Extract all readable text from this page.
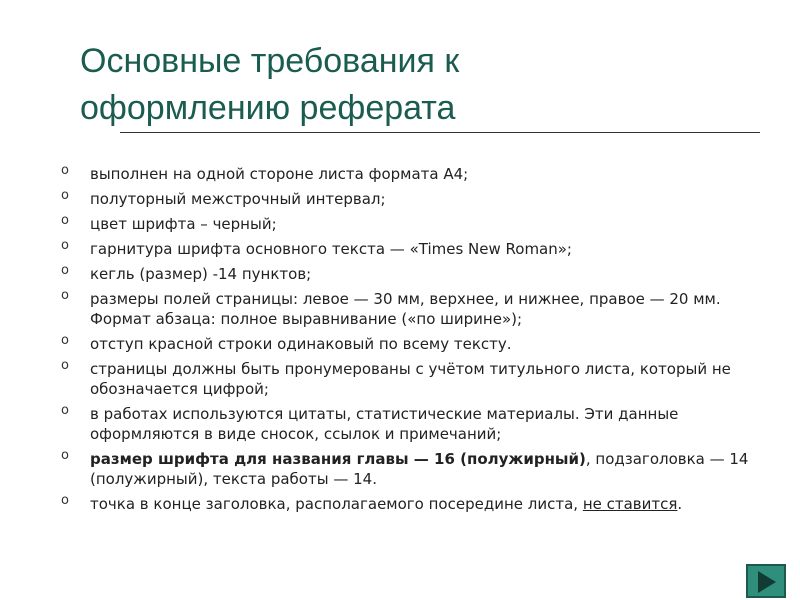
Основные требования к
оформлению реферата
o выполнен на одной стороне листа формата А4;
o полуторный межстрочный интервал;
o цвет шрифта – черный;
o гарнитура шрифта основного текста — «Times New Roman»;
o кегль (размер) -14 пунктов;
o размеры полей страницы: левое — 30 мм, верхнее, и нижнее, правое — 20 мм. Формат абзаца: полное выравнивание («по ширине»);
o отступ красной строки одинаковый по всему тексту.
o страницы должны быть пронумерованы с учётом титульного листа, который не обозначается цифрой;
o в работах используются цитаты, статистические материалы. Эти данные оформляются в виде сносок, ссылок и примечаний;
o размер шрифта для названия главы — 16 (полужирный), подзаголовка — 14 (полужирный), текста работы — 14.
o точка в конце заголовка, располагаемого посередине листа, не ставится.
